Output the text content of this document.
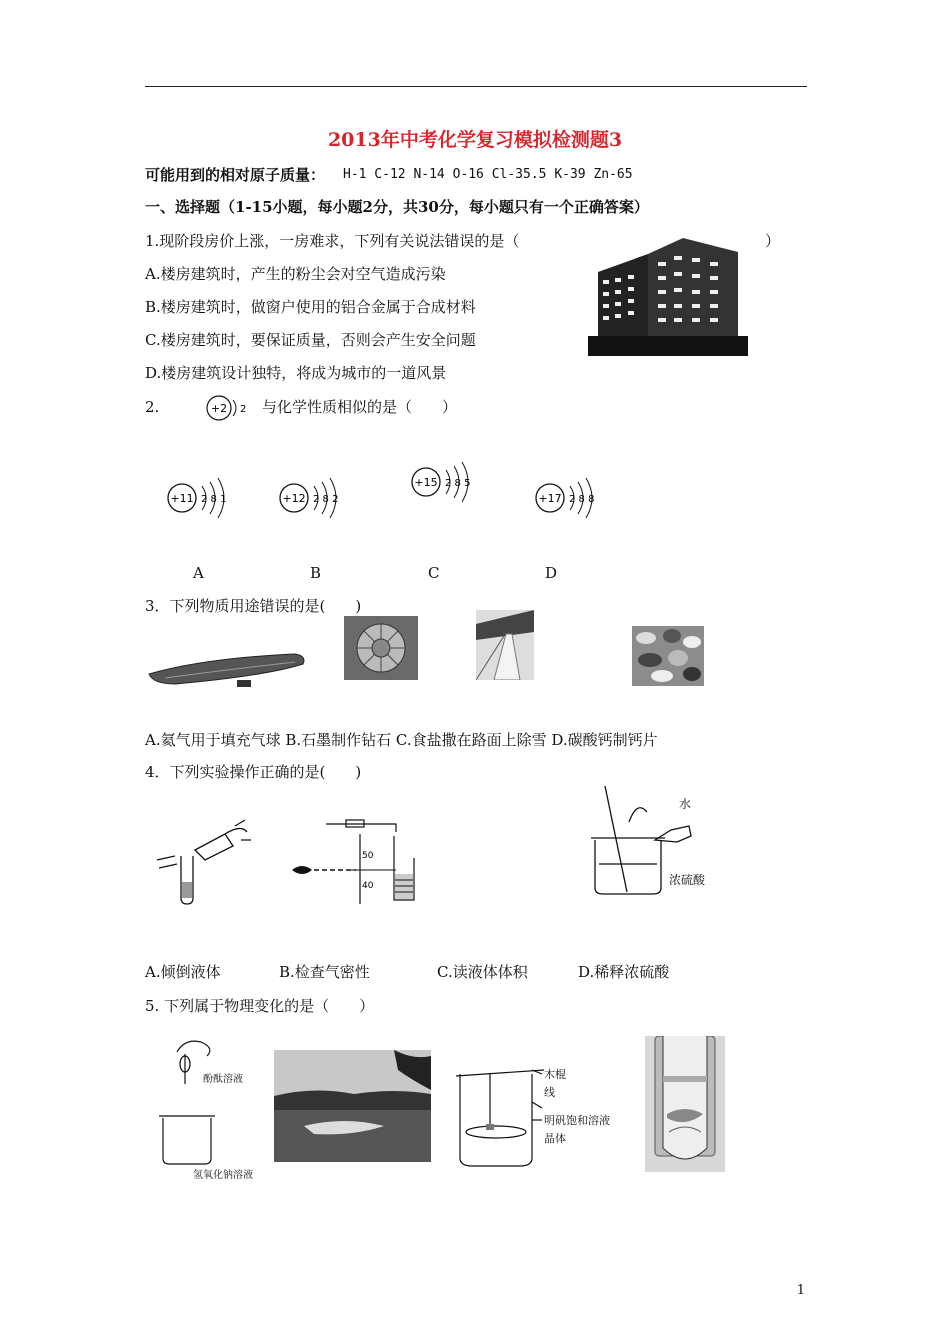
2013年中考化学复习模拟检测题3
可能用到的相对原子质量： H-1 C-12 N-14 O-16 Cl-35.5 K-39 Zn-65
一、选择题（1-15小题，每小题2分，共30分，每小题只有一个正确答案）
1.现阶段房价上涨，一房难求，下列有关说法错误的是（	）
A.楼房建筑时，产生的粉尘会对空气造成污染
B.楼房建筑时，做窗户使用的铝合金属于合成材料
C.楼房建筑时，要保证质量，否则会产生安全问题
D.楼房建筑设计独特，将成为城市的一道风景
2.	+2 2 与化学性质相似的是（　　）
+11 2 8 1	+12 2 8 2
+15 2 8 5
+17 2 8 8
A	B	C	D
3．下列物质用途错误的是(　　)
A.氦气用于填充气球 B.石墨制作钻石 C.食盐撒在路面上除雪 D.碳酸钙制钙片
4．下列实验操作正确的是(　　)
50
40
水
浓硫酸
A.倾倒液体	B.检查气密性	C.读液体体积	D.稀释浓硫酸
5. 下列属于物理变化的是（　　）
酚酞溶液
氢氧化钠溶液
木棍
线
明矾饱和溶液
晶体
1
